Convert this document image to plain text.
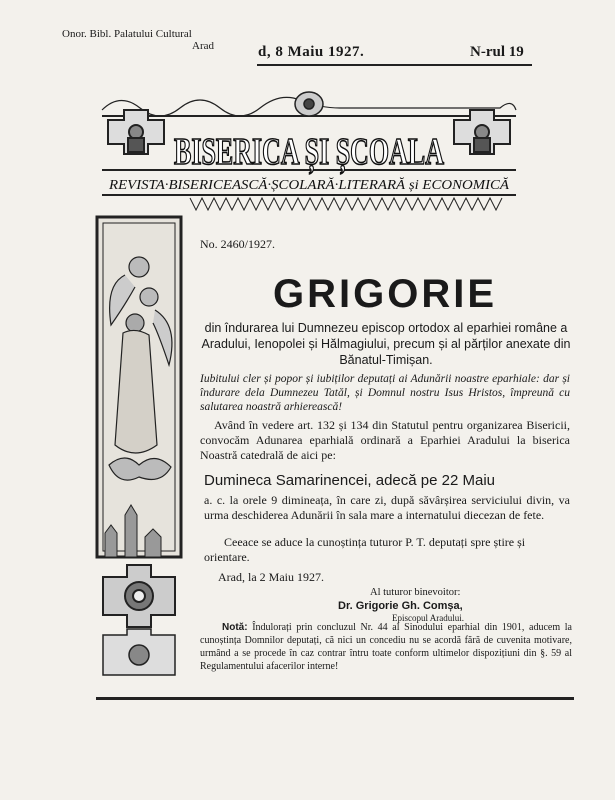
Onor. Bibl. Palatului Cultural
Arad	d, 8 Maiu 1927.	N-rul 19
BISERICA ȘI ȘCOALA
REVISTA·BISERICEASCĂ·ȘCOLARĂ·LITERARĂ și ECONOMICĂ
No. 2460/1927.
GRIGORIE
din îndurarea lui Dumnezeu episcop ortodox al eparhiei române a Aradului, Ienopolei și Hălmagiului, precum și al părților anexate din Bănatul-Timișan.
Iubitului cler și popor și iubiților deputați ai Adunării noastre eparhiale: dar și îndurare dela Dumnezeu Tatăl, și Domnul nostru Isus Hristos, împreună cu salutarea noastră arhierească!
Având în vedere art. 132 și 134 din Statutul pentru organizarea Bisericii, convocăm Adunarea eparhială ordinară a Eparhiei Aradului la biserica Noastră catedrală de aici pe:
Dumineca Samarinencei, adecă pe 22 Maiu
a. c. la orele 9 dimineața, în care zi, după săvârșirea serviciului divin, va urma deschiderea Adunării în sala mare a internatului diecezan de fete.
Ceeace se aduce la cunoștința tuturor P. T. deputați spre știre și orientare.
Arad, la 2 Maiu 1927.
Al tuturor binevoitor:
Dr. Grigorie Gh. Comșa,
Episcopul Aradului.
Notă: Îndulorați prin concluzul Nr. 44 al Sinodului eparhial din 1901, aducem la cunoștința Domnilor deputați, că nici un concediu nu se acordă fără de cuvenita motivare, urmând a se procede în caz contrar întru toate conform ultimelor dispozițiuni din §. 59 al Regulamentului afacerilor interne!
